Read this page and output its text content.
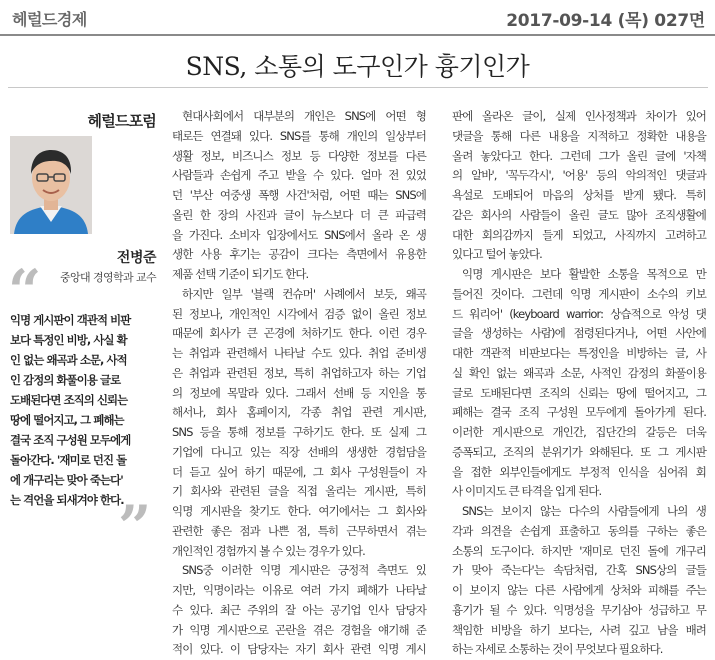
헤럴드경제	2017-09-14 (목) 027면
SNS, 소통의 도구인가 흉기인가
헤럴드포럼
전병준
중앙대 경영학과 교수
“
익명 게시판이 객관적 비판
보다 특정인 비방, 사실 확
인 없는 왜곡과 소문, 사적
인 감정의 화풀이용 글로
도배된다면 조직의 신뢰는
땅에 떨어지고, 그 폐해는
결국 조직 구성원 모두에게
돌아간다. '재미로 던진 돌
에 개구리는 맞아 죽는다'
는 격언을 되새겨야 한다.
”
현대사회에서 대부분의 개인은 SNS에 어떤 형
태로든 연결돼 있다. SNS를 통해 개인의 일상부터
생활 정보, 비즈니스 정보 등 다양한 정보를 다른
사람들과 손쉽게 주고 받을 수 있다. 얼마 전 있었
던 '부산 여중생 폭행 사건'처럼, 어떤 때는 SNS에
올린 한 장의 사진과 글이 뉴스보다 더 큰 파급력
을 가진다. 소비자 입장에서도 SNS에서 올라 온 생
생한 사용 후기는 공감이 크다는 측면에서 유용한
제품 선택 기준이 되기도 한다.
하지만 일부 '블랙 컨슈머' 사례에서 보듯, 왜곡
된 정보나, 개인적인 시각에서 검증 없이 올린 정보
때문에 회사가 큰 곤경에 처하기도 한다. 이런 경우
는 취업과 관련해서 나타날 수도 있다. 취업 준비생
은 취업과 관련된 정보, 특히 취업하고자 하는 기업
의 정보에 목말라 있다. 그래서 선배 등 지인을 통
해서나, 회사 홈페이지, 각종 취업 관련 게시판,
SNS 등을 통해 정보를 구하기도 한다. 또 실제 그
기업에 다니고 있는 직장 선배의 생생한 경험담을
더 듣고 싶어 하기 때문에, 그 회사 구성원들이 자
기 회사와 관련된 글을 직접 올리는 게시판, 특히
익명 게시판을 찾기도 한다. 여기에서는 그 회사와
관련한 좋은 점과 나쁜 점, 특히 근무하면서 겪는
개인적인 경험까지 볼 수 있는 경우가 있다.
SNS중 이러한 익명 게시판은 긍정적 측면도 있
지만, 익명이라는 이유로 여러 가지 폐해가 나타날
수 있다. 최근 주위의 잘 아는 공기업 인사 담당자
가 익명 게시판으로 곤란을 겪은 경험을 얘기해 준
적이 있다. 이 담당자는 자기 회사 관련 익명 게시
판에 올라온 글이, 실제 인사정책과 차이가 있어
댓글을 통해 다른 내용을 지적하고 정확한 내용을
올려 놓았다고 한다. 그런데 그가 올린 글에 '자책
의 알바', '꼭두각시', '어용' 등의 악의적인 댓글과
욕설로 도배되어 마음의 상처를 받게 됐다. 특히
같은 회사의 사람들이 올린 글도 많아 조직생활에
대한 회의감까지 들게 되었고, 사직까지 고려하고
있다고 털어 놓았다.
익명 게시판은 보다 활발한 소통을 목적으로 만
들어진 것이다. 그런데 익명 게시판이 소수의 키보
드 워리어' (keyboard warrior: 상습적으로 악성 댓
글을 생성하는 사람)에 점령된다거나, 어떤 사안에
대한 객관적 비판보다는 특정인을 비방하는 글, 사
실 확인 없는 왜곡과 소문, 사적인 감정의 화풀이용
글로 도배된다면 조직의 신뢰는 땅에 떨어지고, 그
폐해는 결국 조직 구성원 모두에게 돌아가게 된다.
이러한 게시판으로 개인간, 집단간의 갈등은 더욱
증폭되고, 조직의 분위기가 와해된다. 또 그 게시판
을 접한 외부인들에게도 부정적 인식을 심어줘 회
사 이미지도 큰 타격을 입게 된다.
SNS는 보이지 않는 다수의 사람들에게 나의 생
각과 의견을 손쉽게 표출하고 동의를 구하는 좋은
소통의 도구이다. 하지만 '재미로 던진 돌에 개구리
가 맞아 죽는다'는 속담처럼, 간혹 SNS상의 글들
이 보이지 않는 다른 사람에게 상처와 피해를 주는
흉기가 될 수 있다. 익명성을 무기삼아 성급하고 무
책임한 비방을 하기 보다는, 사려 깊고 남을 배려
하는 자세로 소통하는 것이 무엇보다 필요하다.
